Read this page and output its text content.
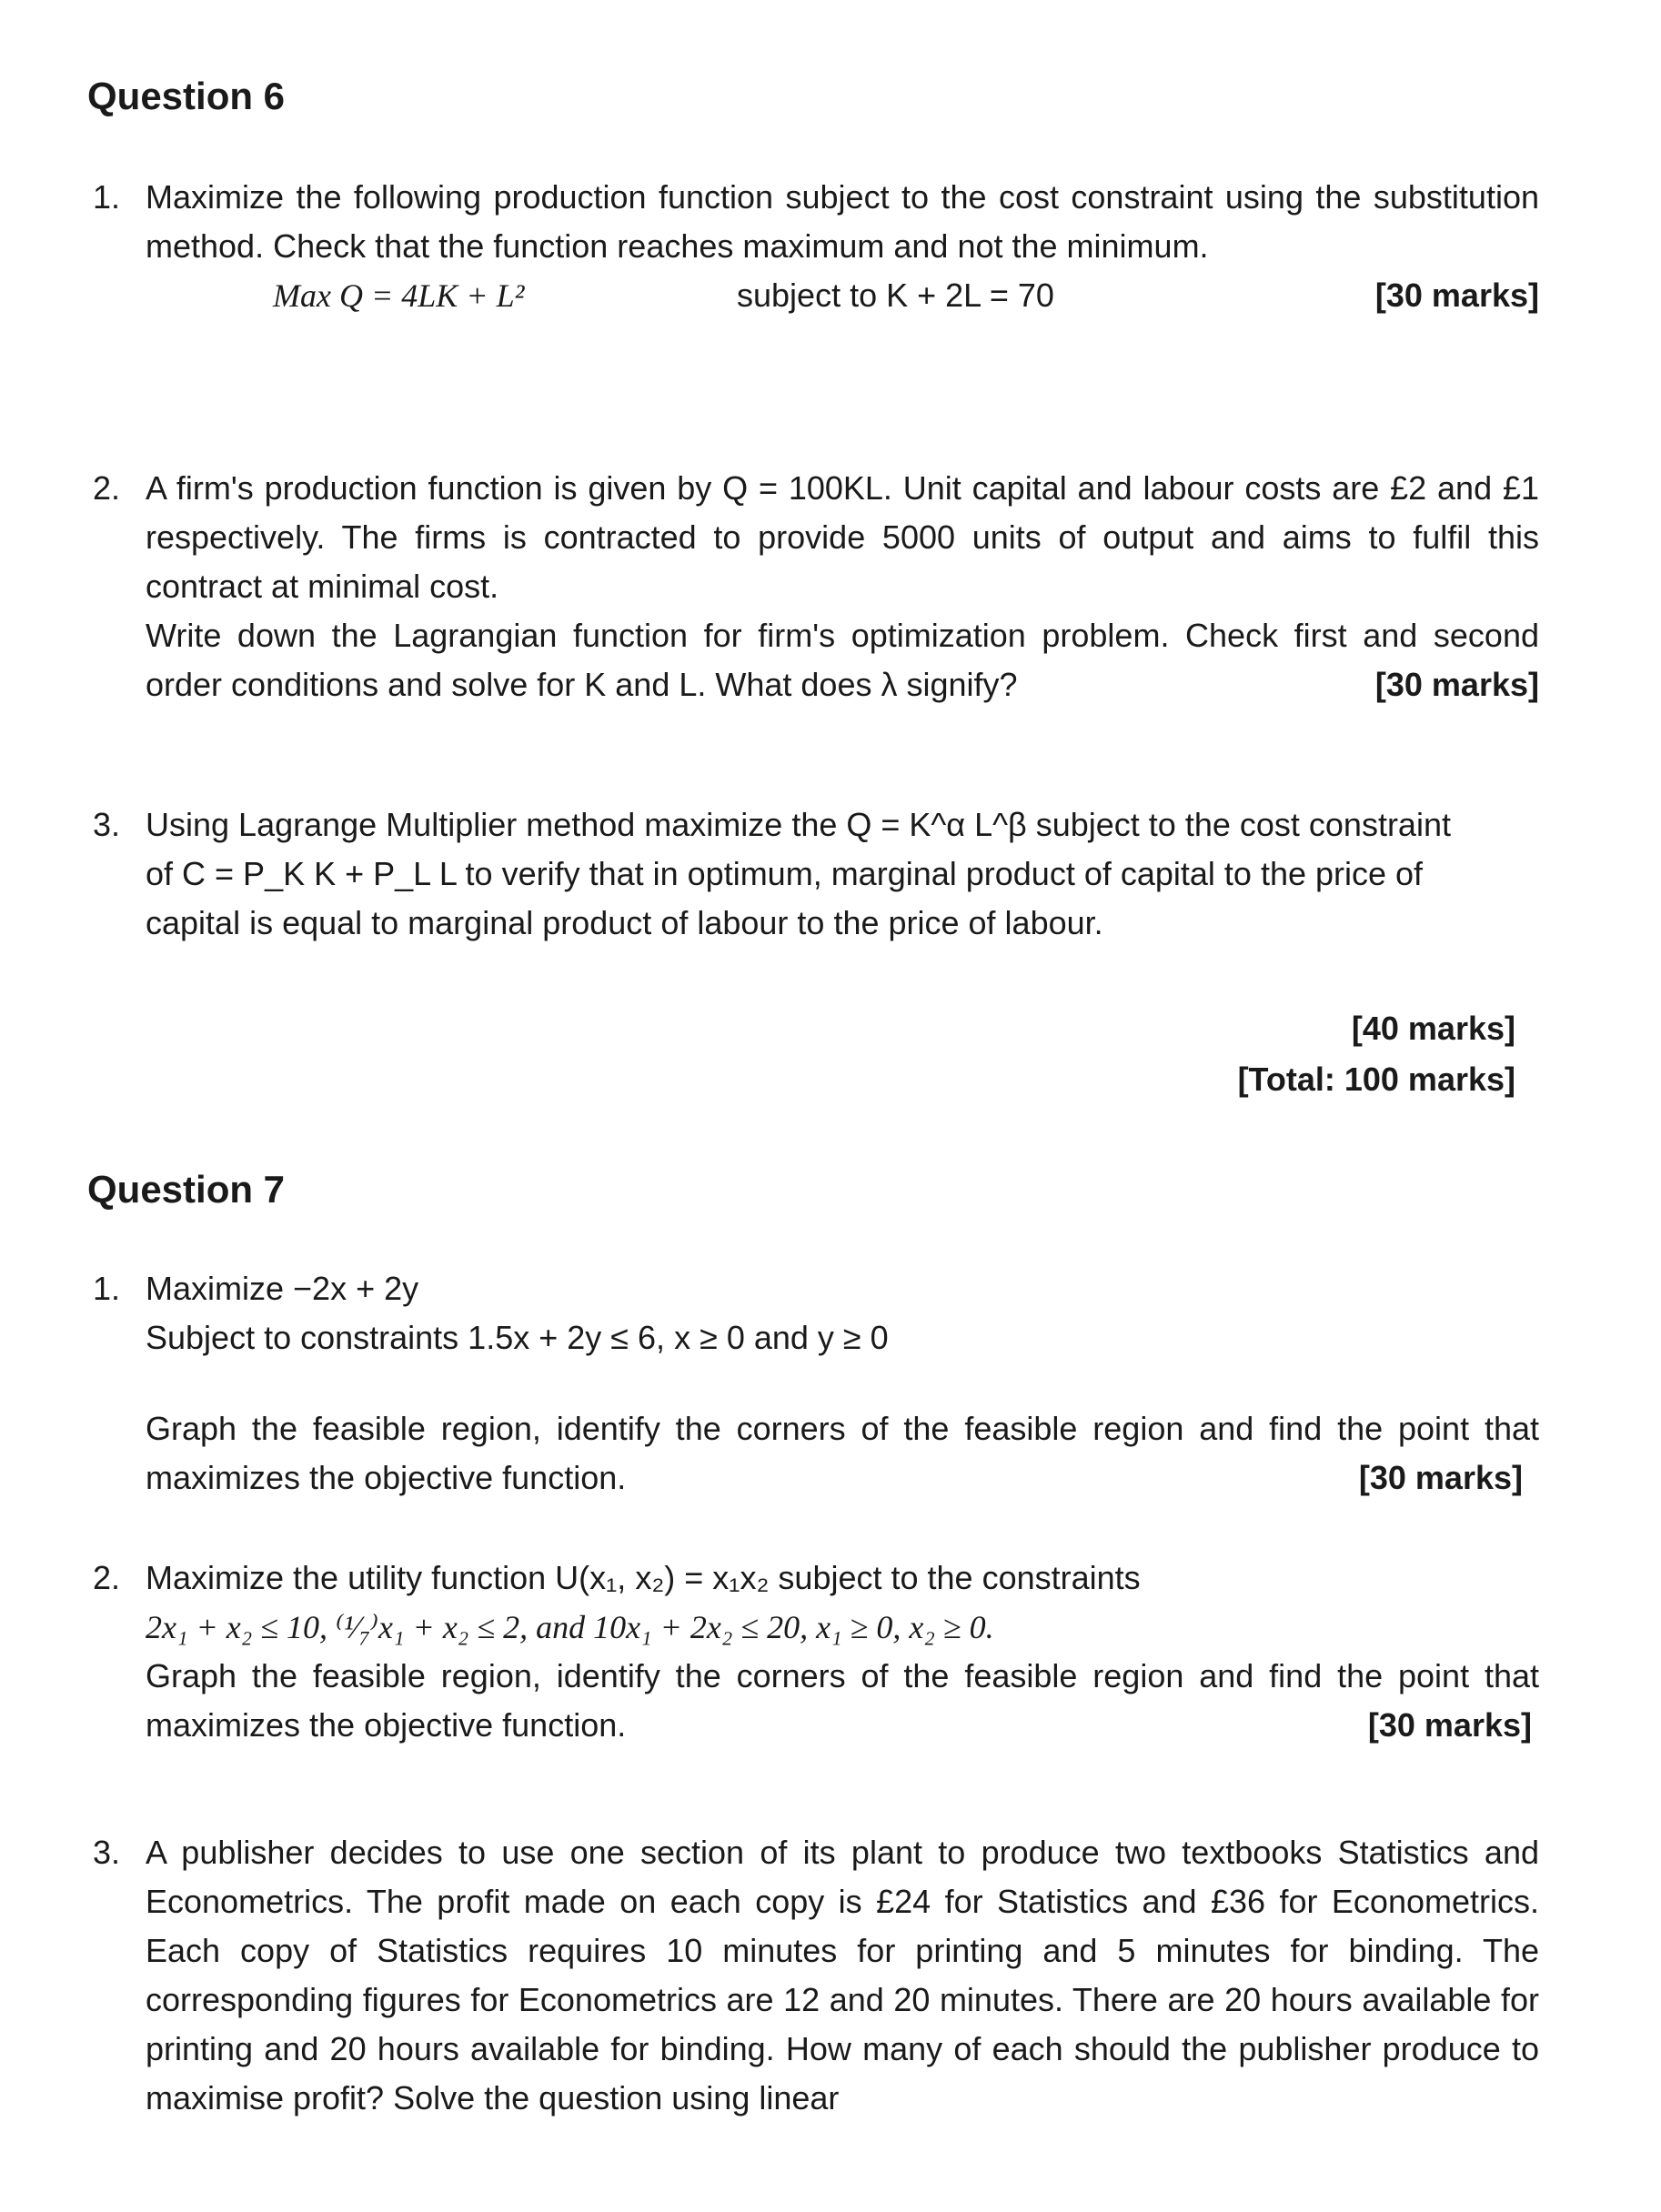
Question 6
1. Maximize the following production function subject to the cost constraint using the substitution method. Check that the function reaches maximum and not the minimum.

Max Q = 4LK + L²	subject to K + 2L = 70	[30 marks]
2. A firm's production function is given by Q = 100KL. Unit capital and labour costs are £2 and £1 respectively. The firms is contracted to provide 5000 units of output and aims to fulfil this contract at minimal cost.

Write down the Lagrangian function for firm's optimization problem. Check first and second order conditions and solve for K and L. What does λ signify?	[30 marks]
3. Using Lagrange Multiplier method maximize the Q = K^α L^β subject to the cost constraint of C = P_K K + P_L L to verify that in optimum, marginal product of capital to the price of capital is equal to marginal product of labour to the price of labour.

[40 marks]
[Total: 100 marks]
Question 7
1. Maximize −2x + 2y

Subject to constraints 1.5x + 2y ≤ 6, x ≥ 0 and y ≥ 0

Graph the feasible region, identify the corners of the feasible region and find the point that maximizes the objective function.	[30 marks]
2. Maximize the utility function U(x₁, x₂) = x₁x₂ subject to the constraints

2x₁ + x₂ ≤ 10, ⁽¹⁄₇⁾x₁ + x₂ ≤ 2, and 10x₁ + 2x₂ ≤ 20, x₁ ≥ 0, x₂ ≥ 0.

Graph the feasible region, identify the corners of the feasible region and find the point that maximizes the objective function.	[30 marks]
3. A publisher decides to use one section of its plant to produce two textbooks Statistics and Econometrics. The profit made on each copy is £24 for Statistics and £36 for Econometrics. Each copy of Statistics requires 10 minutes for printing and 5 minutes for binding. The corresponding figures for Econometrics are 12 and 20 minutes. There are 20 hours available for printing and 20 hours available for binding. How many of each should the publisher produce to maximise profit? Solve the question using linear
